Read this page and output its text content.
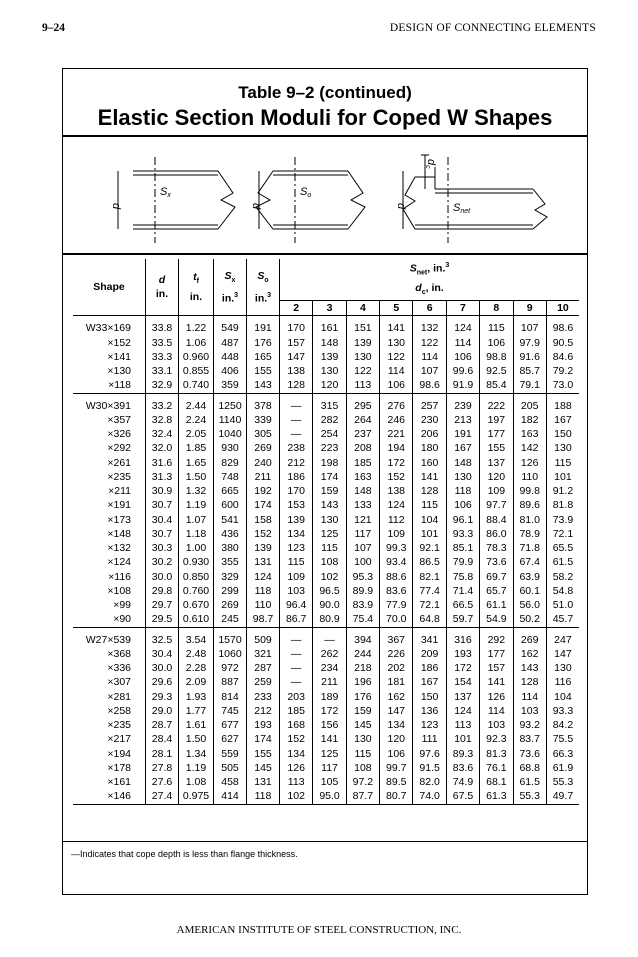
9–24	DESIGN OF CONNECTING ELEMENTS
Table 9–2 (continued)
Elastic Section Moduli for Coped W Shapes
d
Sx
d
So
d
dc
Snet
Shape	d
in.	$t_f$
in.	$S_x$
in.$^3$	$S_o$
in.$^3$	$S_{net}$, in.$^3$
					$d_c$, in.								
					2	3	4	5	6	7	8	9	10

W33×169	33.8	1.22	549	191	170	161	151	141	132	124	115	107	98.6
×152	33.5	1.06	487	176	157	148	139	130	122	114	106	97.9	90.5
×141	33.3	0.960	448	165	147	139	130	122	114	106	98.8	91.6	84.6
×130	33.1	0.855	406	155	138	130	122	114	107	99.6	92.5	85.7	79.2
×118	32.9	0.740	359	143	128	120	113	106	98.6	91.9	85.4	79.1	73.0

W30×391	33.2	2.44	1250	378	—	315	295	276	257	239	222	205	188
×357	32.8	2.24	1140	339	—	282	264	246	230	213	197	182	167
×326	32.4	2.05	1040	305	—	254	237	221	206	191	177	163	150
×292	32.0	1.85	930	269	238	223	208	194	180	167	155	142	130
×261	31.6	1.65	829	240	212	198	185	172	160	148	137	126	115
×235	31.3	1.50	748	211	186	174	163	152	141	130	120	110	101
×211	30.9	1.32	665	192	170	159	148	138	128	118	109	99.8	91.2
×191	30.7	1.19	600	174	153	143	133	124	115	106	97.7	89.6	81.8
×173	30.4	1.07	541	158	139	130	121	112	104	96.1	88.4	81.0	73.9
×148	30.7	1.18	436	152	134	125	117	109	101	93.3	86.0	78.9	72.1
×132	30.3	1.00	380	139	123	115	107	99.3	92.1	85.1	78.3	71.8	65.5
×124	30.2	0.930	355	131	115	108	100	93.4	86.5	79.9	73.6	67.4	61.5
×116	30.0	0.850	329	124	109	102	95.3	88.6	82.1	75.8	69.7	63.9	58.2
×108	29.8	0.760	299	118	103	96.5	89.9	83.6	77.4	71.4	65.7	60.1	54.8
×99	29.7	0.670	269	110	96.4	90.0	83.9	77.9	72.1	66.5	61.1	56.0	51.0
×90	29.5	0.610	245	98.7	86.7	80.9	75.4	70.0	64.8	59.7	54.9	50.2	45.7

W27×539	32.5	3.54	1570	509	—	—	394	367	341	316	292	269	247
×368	30.4	2.48	1060	321	—	262	244	226	209	193	177	162	147
×336	30.0	2.28	972	287	—	234	218	202	186	172	157	143	130
×307	29.6	2.09	887	259	—	211	196	181	167	154	141	128	116
×281	29.3	1.93	814	233	203	189	176	162	150	137	126	114	104
×258	29.0	1.77	745	212	185	172	159	147	136	124	114	103	93.3
×235	28.7	1.61	677	193	168	156	145	134	123	113	103	93.2	84.2
×217	28.4	1.50	627	174	152	141	130	120	111	101	92.3	83.7	75.5
×194	28.1	1.34	559	155	134	125	115	106	97.6	89.3	81.3	73.6	66.3
×178	27.8	1.19	505	145	126	117	108	99.7	91.5	83.6	76.1	68.8	61.9
×161	27.6	1.08	458	131	113	105	97.2	89.5	82.0	74.9	68.1	61.5	55.3
×146	27.4	0.975	414	118	102	95.0	87.7	80.7	74.0	67.5	61.3	55.3	49.7
—Indicates that cope depth is less than flange thickness.
AMERICAN INSTITUTE OF STEEL CONSTRUCTION, INC.
